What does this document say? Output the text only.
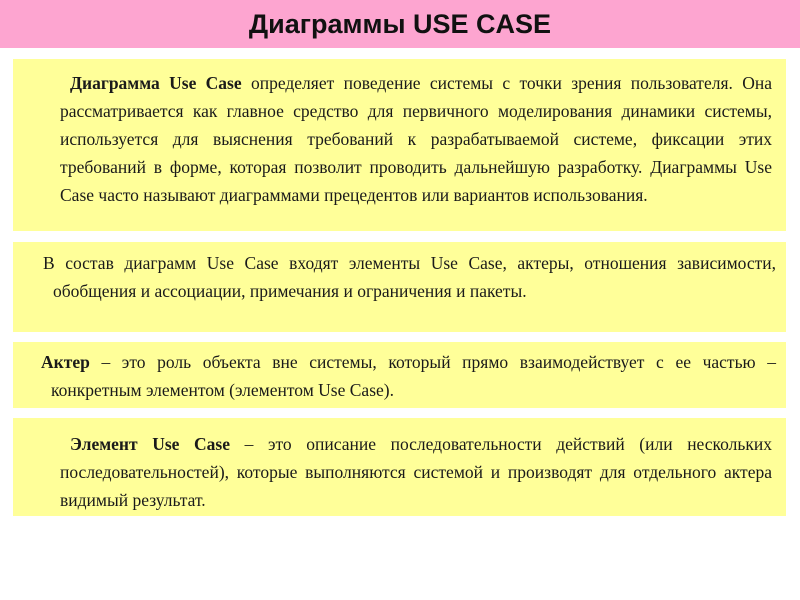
Диаграммы USE CASE

Диаграмма Use Case определяет поведение системы с точки зрения пользователя. Она рассматривается как главное средство для первичного моделирования динамики системы, используется для выяснения требований к разрабатываемой системе, фиксации этих требований в форме, которая позволит проводить дальнейшую разработку. Диаграммы Use Case часто называют диаграммами прецедентов или вариантов использования.

В состав диаграмм Use Case входят элементы Use Case, актеры, отношения зависимости, обобщения и ассоциации, примечания и ограничения и пакеты.

Актер – это роль объекта вне системы, который прямо взаимодействует с ее частью – конкретным элементом (элементом Use Case).

Элемент Use Case – это описание последовательности действий (или нескольких последовательностей), которые выполняются системой и производят для отдельного актера видимый результат.
